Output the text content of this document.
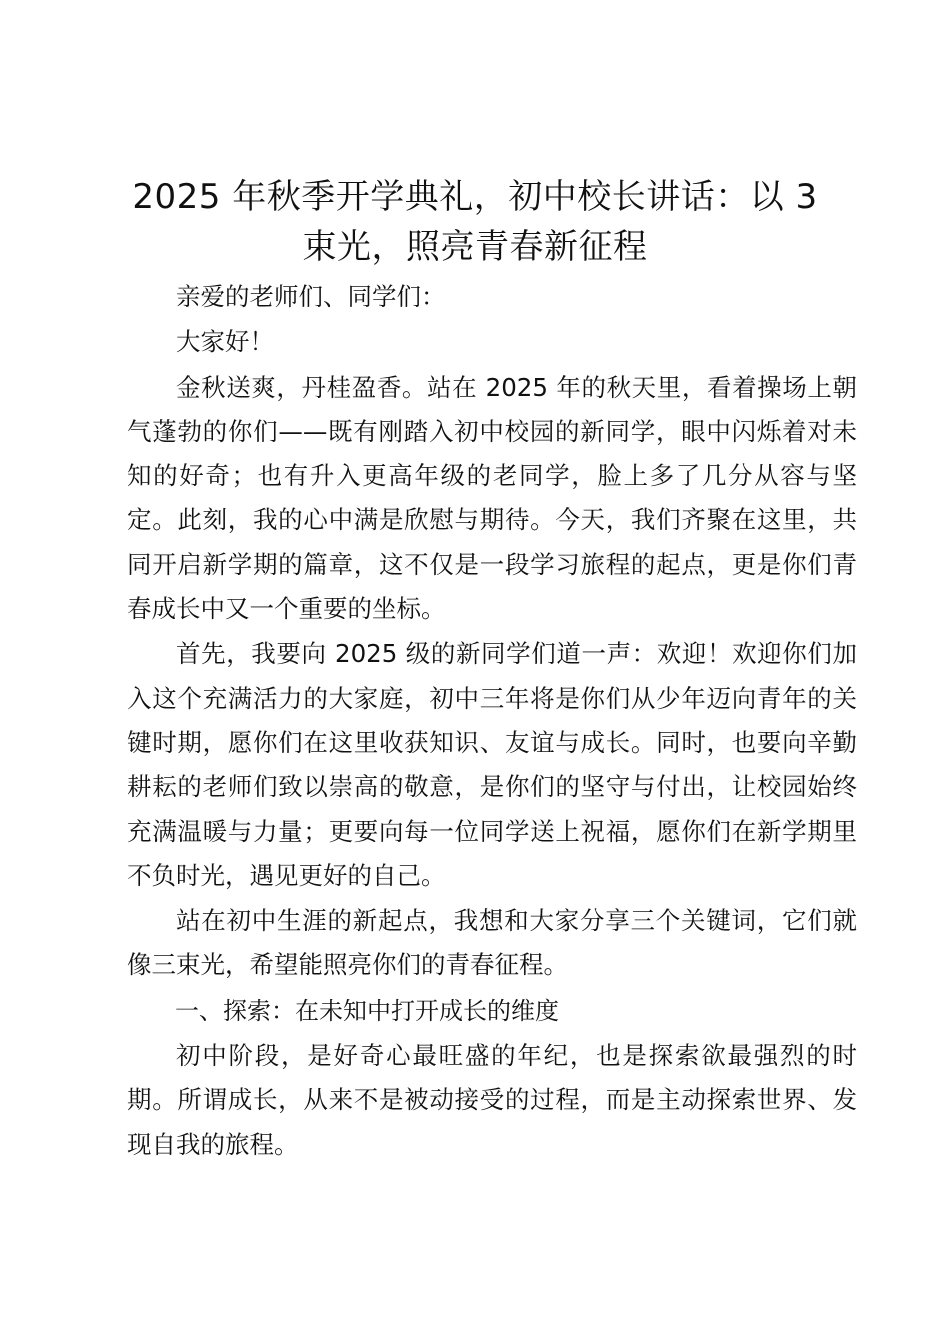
2025 年秋季开学典礼，初中校长讲话：以 3 束光，照亮青春新征程

亲爱的老师们、同学们：

大家好！

金秋送爽，丹桂盈香。站在 2025 年的秋天里，看着操场上朝气蓬勃的你们——既有刚踏入初中校园的新同学，眼中闪烁着对未知的好奇；也有升入更高年级的老同学，脸上多了几分从容与坚定。此刻，我的心中满是欣慰与期待。今天，我们齐聚在这里，共同开启新学期的篇章，这不仅是一段学习旅程的起点，更是你们青春成长中又一个重要的坐标。

首先，我要向 2025 级的新同学们道一声：欢迎！欢迎你们加入这个充满活力的大家庭，初中三年将是你们从少年迈向青年的关键时期，愿你们在这里收获知识、友谊与成长。同时，也要向辛勤耕耘的老师们致以崇高的敬意，是你们的坚守与付出，让校园始终充满温暖与力量；更要向每一位同学送上祝福，愿你们在新学期里不负时光，遇见更好的自己。

站在初中生涯的新起点，我想和大家分享三个关键词，它们就像三束光，希望能照亮你们的青春征程。

一、探索：在未知中打开成长的维度

初中阶段，是好奇心最旺盛的年纪，也是探索欲最强烈的时期。所谓成长，从来不是被动接受的过程，而是主动探索世界、发现自我的旅程。
